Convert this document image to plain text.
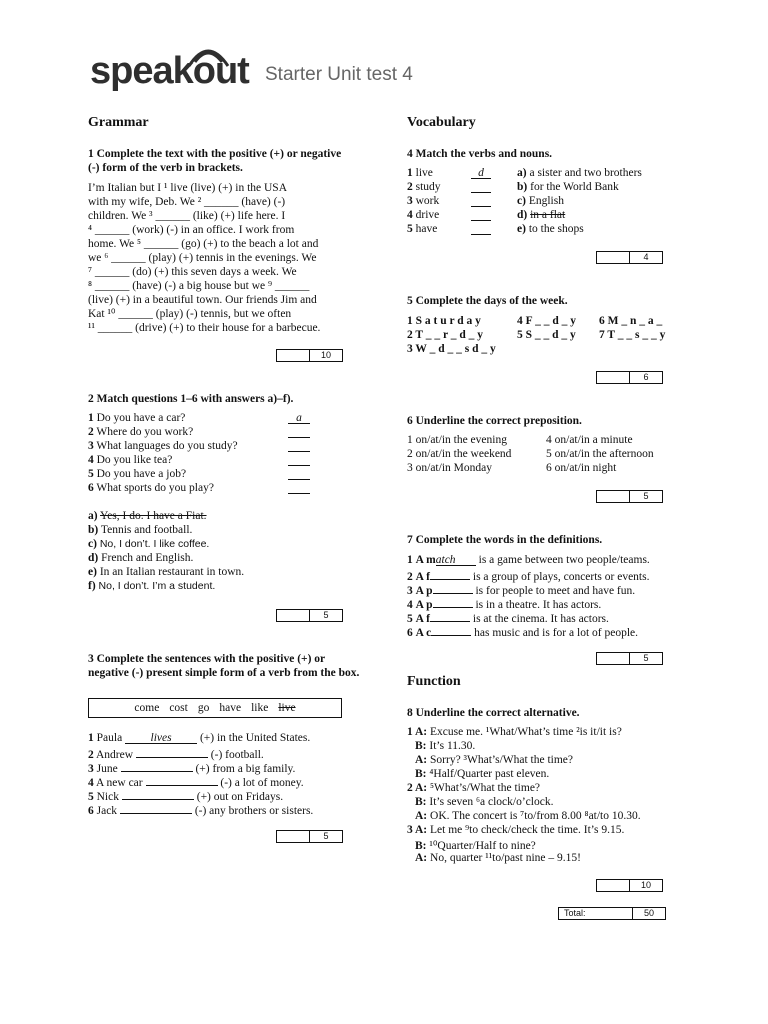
speakout Starter Unit test 4
Grammar
1 Complete the text with the positive (+) or negative (-) form of the verb in brackets.
I’m Italian but I ¹ live (live) (+) in the USA
with my wife, Deb. We ² ______ (have) (-)
children. We ³ ______ (like) (+) life here. I
⁴ ______ (work) (-) in an office. I work from
home. We ⁵ ______ (go) (+) to the beach a lot and
we ⁶ ______ (play) (+) tennis in the evenings. We
⁷ ______ (do) (+) this seven days a week. We
⁸ ______ (have) (-) a big house but we ⁹ ______
(live) (+) in a beautiful town. Our friends Jim and
Kat ¹⁰ ______ (play) (-) tennis, but we often
¹¹ ______ (drive) (+) to their house for a barbecue.
10
2 Match questions 1–6 with answers a)–f).
1 Do you have a car?	a
2 Where do you work?
3 What languages do you study?
4 Do you like tea?
5 Do you have a job?
6 What sports do you play?
a) Yes, I do. I have a Fiat.
b) Tennis and football.
c) No, I don’t. I like coffee.
d) French and English.
e) In an Italian restaurant in town.
f) No, I don’t. I’m a student.
5
3 Complete the sentences with the positive (+) or negative (-) present simple form of a verb from the box.
come cost go have like live
1 Paula lives (+) in the United States.
2 Andrew	(-) football.
3 June	(+) from a big family.
4 A new car	(-) a lot of money.
5 Nick	(+) out on Fridays.
6 Jack	(-) any brothers or sisters.
5
Vocabulary
4 Match the verbs and nouns.
1 live	d	a) a sister and two brothers
2 study	b) for the World Bank
3 work	c) English
4 drive	d) in a flat
5 have	e) to the shops
4
5 Complete the days of the week.
1 S a t u r d a y	4 F _ _ d _ y 6 M _ n _ a _
2 T _ _ r _ d _ y	5 S _ _ d _ y 7 T _ _ s _ _ y
3 W _ d _ _ s d _ y
6
6 Underline the correct preposition.
1 on/at/in the evening	4 on/at/in a minute
2 on/at/in the weekend	5 on/at/in the afternoon
3 on/at/in Monday	6 on/at/in night
5
7 Complete the words in the definitions.
1 A match is a game between two people/teams.
2 A f	is a group of plays, concerts or events.
3 A p	is for people to meet and have fun.
4 A p	is in a theatre. It has actors.
5 A f	is at the cinema. It has actors.
6 A c	has music and is for a lot of people.
5
Function
8 Underline the correct alternative.
1 A: Excuse me. ¹What/What’s time ²is it/it is?
B: It’s 11.30.
A: Sorry? ³What’s/What the time?
B: ⁴Half/Quarter past eleven.
2 A: ⁵What’s/What the time?
B: It’s seven ⁶a clock/o’clock.
A: OK. The concert is ⁷to/from 8.00 ⁸at/to 10.30.
3 A: Let me ⁹to check/check the time. It’s 9.15.
B: ¹⁰Quarter/Half to nine?
A: No, quarter ¹¹to/past nine – 9.15!
10
Total:	50
